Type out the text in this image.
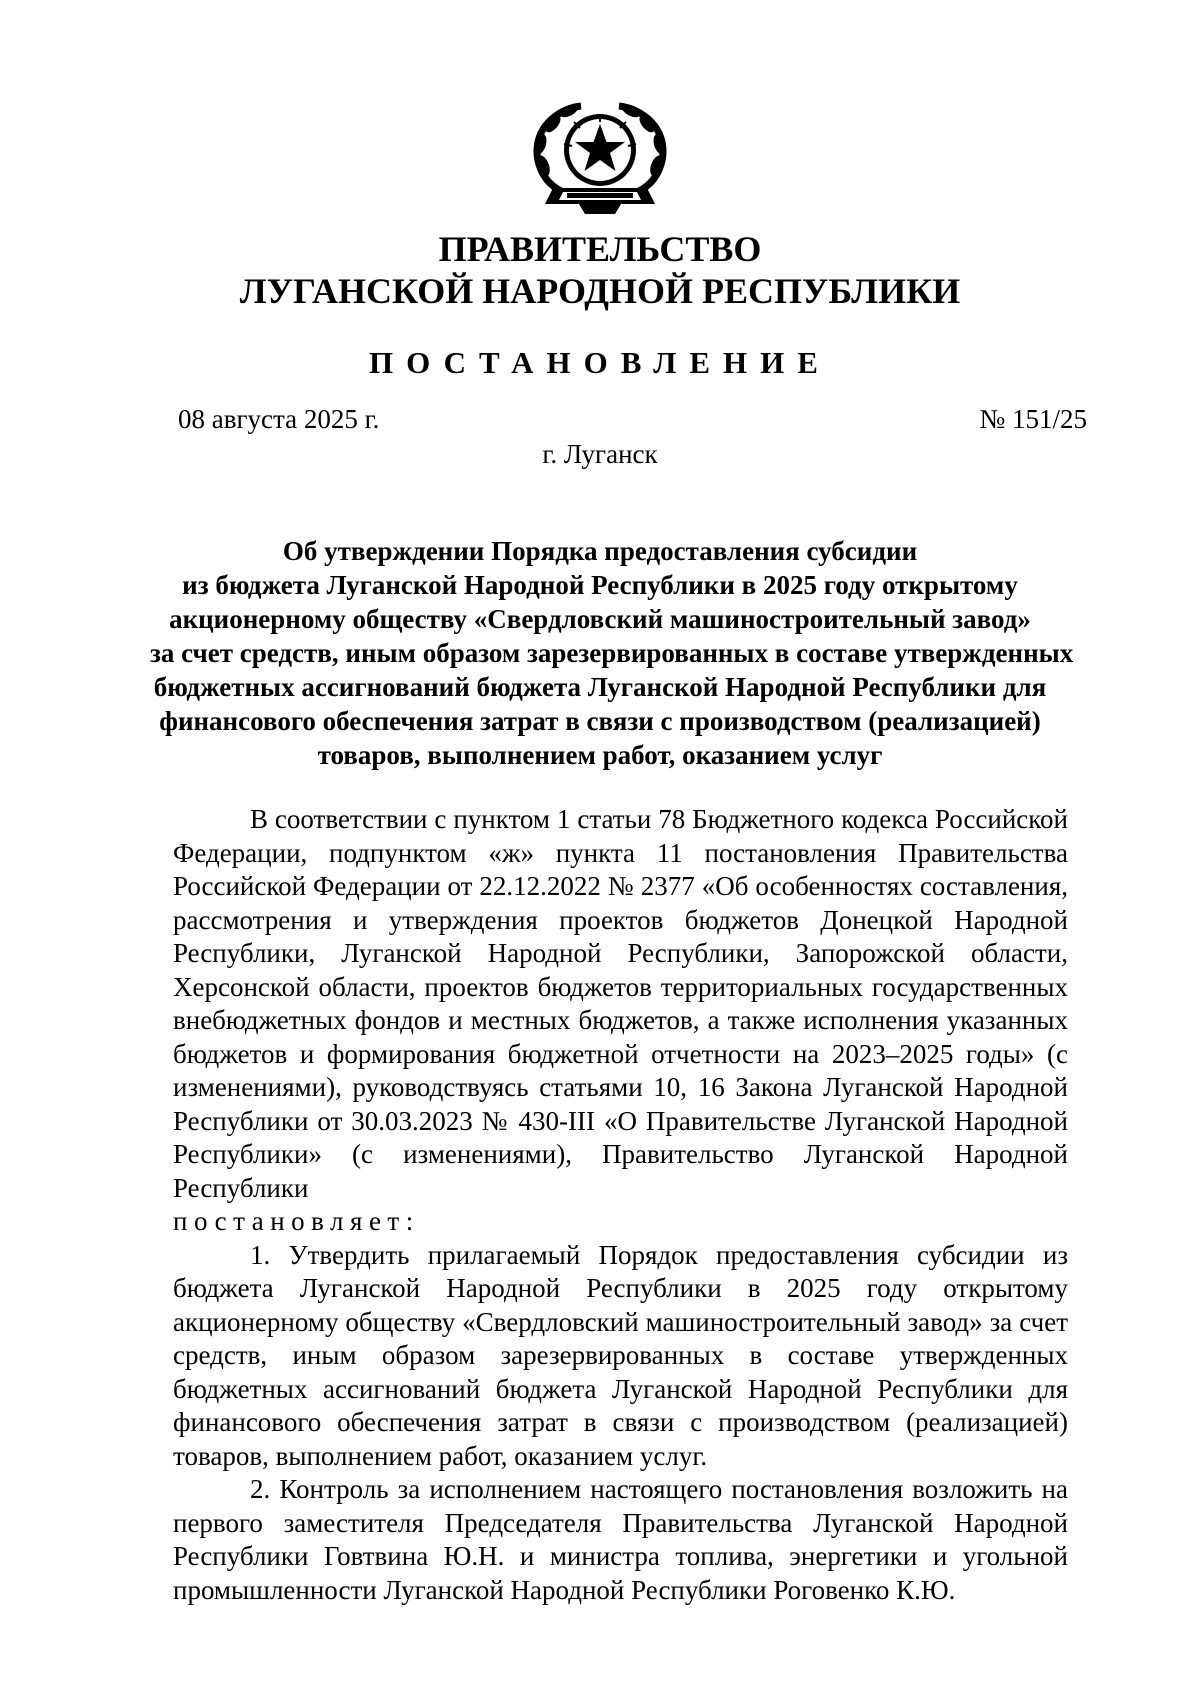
ПРАВИТЕЛЬСТВО
ЛУГАНСКОЙ НАРОДНОЙ РЕСПУБЛИКИ
ПОСТАНОВЛЕНИЕ
08 августа 2025 г.	№ 151/25
г. Луганск
Об утверждении Порядка предоставления субсидии
из бюджета Луганской Народной Республики в 2025 году открытому
акционерному обществу «Свердловский машиностроительный завод»
за счет средств, иным образом зарезервированных в составе утвержденных
бюджетных ассигнований бюджета Луганской Народной Республики для
финансового обеспечения затрат в связи с производством (реализацией)
товаров, выполнением работ, оказанием услуг

В соответствии с пунктом 1 статьи 78 Бюджетного кодекса Российской Федерации, подпунктом «ж» пункта 11 постановления Правительства Российской Федерации от 22.12.2022 № 2377 «Об особенностях составления, рассмотрения и утверждения проектов бюджетов Донецкой Народной Республики, Луганской Народной Республики, Запорожской области, Херсонской области, проектов бюджетов территориальных государственных внебюджетных фондов и местных бюджетов, а также исполнения указанных бюджетов и формирования бюджетной отчетности на 2023–2025 годы» (с изменениями), руководствуясь статьями 10, 16 Закона Луганской Народной Республики от 30.03.2023 № 430-III «О Правительстве Луганской Народной Республики» (с изменениями), Правительство Луганской Народной Республики

постановляет:

1. Утвердить прилагаемый Порядок предоставления субсидии из бюджета Луганской Народной Республики в 2025 году открытому акционерному обществу «Свердловский машиностроительный завод» за счет средств, иным образом зарезервированных в составе утвержденных бюджетных ассигнований бюджета Луганской Народной Республики для финансового обеспечения затрат в связи с производством (реализацией) товаров, выполнением работ, оказанием услуг.

2. Контроль за исполнением настоящего постановления возложить на первого заместителя Председателя Правительства Луганской Народной Республики Говтвина Ю.Н. и министра топлива, энергетики и угольной промышленности Луганской Народной Республики Роговенко К.Ю.
